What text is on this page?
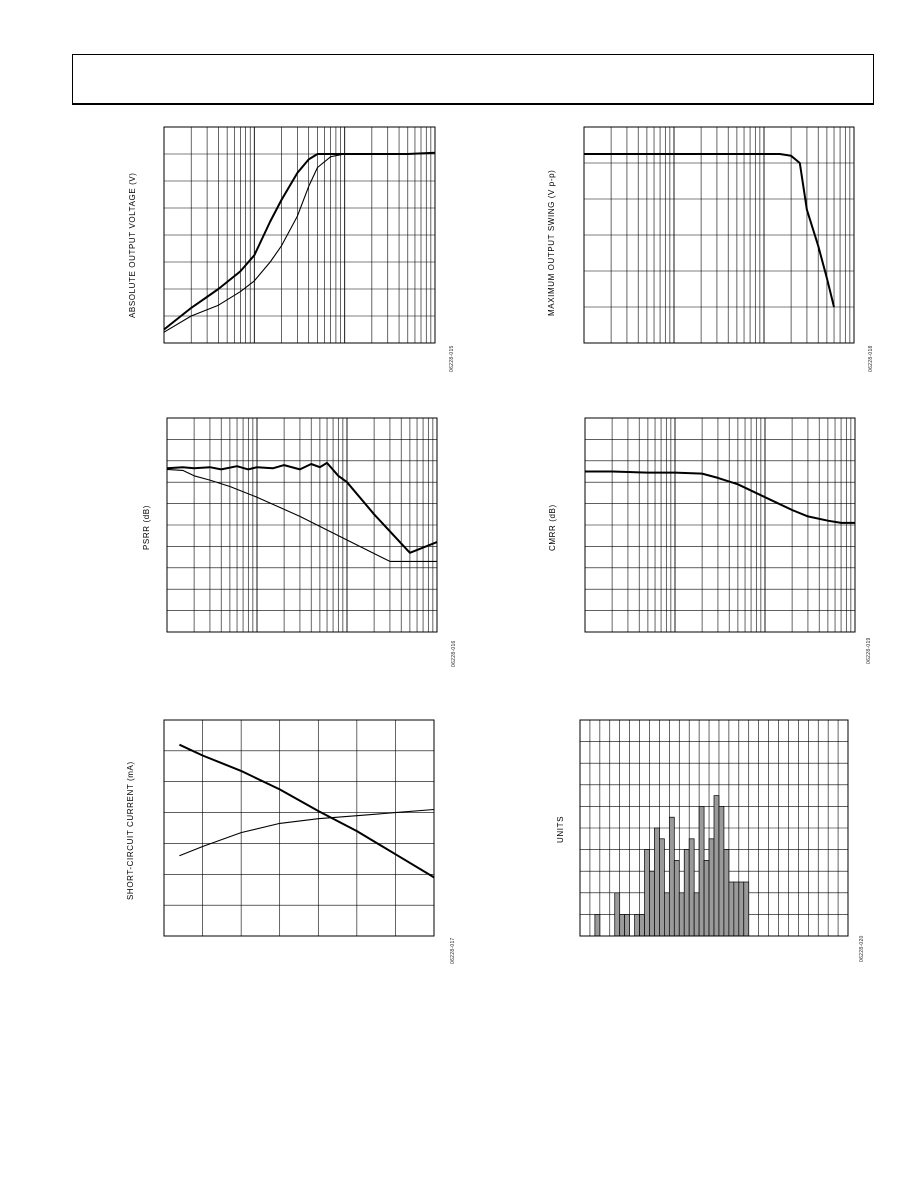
ABSOLUTE OUTPUT VOLTAGE (V)
06228-015
MAXIMUM OUTPUT SWING (V p-p)
06228-018
PSRR (dB)
06228-016
CMRR (dB)
06228-019
SHORT-CIRCUIT CURRENT (mA)
06228-017
UNITS
06228-020
